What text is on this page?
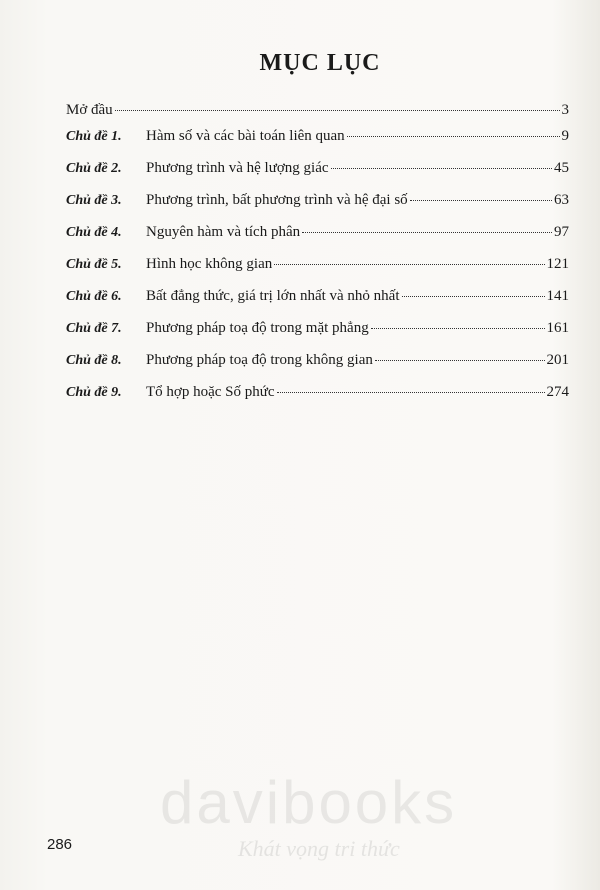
MỤC LỤC
Mở đầu	3
Chủ đề 1.	Hàm số và các bài toán liên quan	9
Chủ đề 2.	Phương trình và hệ lượng giác	45
Chủ đề 3.	Phương trình, bất phương trình và hệ đại số	63
Chủ đề 4.	Nguyên hàm và tích phân	97
Chủ đề 5.	Hình học không gian	121
Chủ đề 6.	Bất đẳng thức, giá trị lớn nhất và nhỏ nhất	141
Chủ đề 7.	Phương pháp toạ độ trong mặt phẳng	161
Chủ đề 8.	Phương pháp toạ độ trong không gian	201
Chủ đề 9.	Tổ hợp hoặc Số phức	274
davibooks
Khát vọng tri thức
286
